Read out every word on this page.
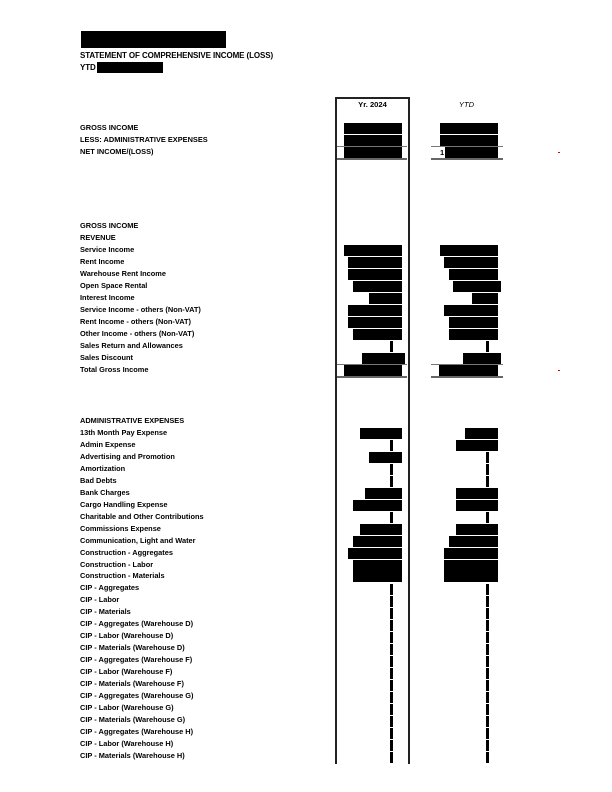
STATEMENT OF COMPREHENSIVE INCOME (LOSS)
YTD
Yr. 2024	YTD
GROSS INCOME
LESS: ADMINISTRATIVE EXPENSES
NET INCOME/(LOSS)	1
GROSS INCOME
REVENUE
Service Income
Rent Income
Warehouse Rent Income
Open Space Rental
Interest Income
Service Income - others (Non-VAT)
Rent Income - others (Non-VAT)
Other Income - others (Non-VAT)
Sales Return and Allowances
Sales Discount
Total Gross Income
ADMINISTRATIVE EXPENSES
13th Month Pay Expense
Admin Expense
Advertising and Promotion
Amortization
Bad Debts
Bank Charges
Cargo Handling Expense
Charitable and Other Contributions
Commissions Expense
Communication, Light and Water
Construction - Aggregates
Construction - Labor
Construction - Materials
CIP - Aggregates
CIP - Labor
CIP - Materials
CIP - Aggregates (Warehouse D)
CIP - Labor (Warehouse D)
CIP - Materials (Warehouse D)
CIP - Aggregates (Warehouse F)
CIP - Labor (Warehouse F)
CIP - Materials (Warehouse F)
CIP - Aggregates (Warehouse G)
CIP - Labor (Warehouse G)
CIP - Materials (Warehouse G)
CIP - Aggregates (Warehouse H)
CIP - Labor (Warehouse H)
CIP - Materials (Warehouse H)
